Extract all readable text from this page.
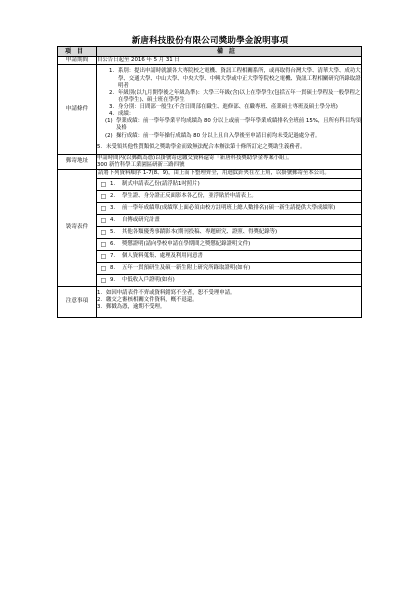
新唐科技股份有限公司獎助學金說明事項
項目	備註
申請期間	自公告日起至 2016 年 5 月 31 日
申請條件	
1. 系別：提出申請時就讀各大專院校之電機、資訊工程相關系所，或再取得台灣大學、清華大學、成功大學、交通大學、中山大學、中央大學、中興大學或中正大學等院校之電機、資訊工程相關研究所錄取證明者
2. 年級別(以九月開學後之年級為準)：大學三年級(含)以上在學學生(包括五年一貫碩士學程及一般學程之在學學生)、碩士班在學學生
3. 身分別：日間部一般生(不含日間部在職生、進修部、在職專班、產業碩士專班及碩士學分班)
4. 成績：
(1) 學業成績：前一學年學業平均成績為 80 分以上或前一學年學業成績排名全班前 15%，且所有科目均須及格
(2) 操行成績：前一學年操行成績為 80 分以上且自入學後至申請日前均未受記過處分者。
5. 未受領其他性質類似之獎助學金而致無法配合本辦法第十條所訂定之獎助生義務者。

郵寄地址	
申請時間內(以郵戳為憑)以掛號寄送繳交資料還寄「新唐科技獎助學金專案小組」。
300 新竹科學工業園區研新三路四號

裝寄表件	
請將下列資料順序 1-7(8、9)，由上而下整理齊全，用迴紋針夾在左上角，以掛號郵寄至本公司。
□	1.	制式申請表乙份(請浮貼1吋照片)
□	2.	學生證、身分證正反面影本各乙份，並浮貼於申請表上。
□	3.	前一學年成績單(成績單上面必須由校方註明班上總人數排名)(碩一新生請提供大學成績單)
□	4.	自傳或研究計畫
□	5.	其他各類優秀事蹟影本(期刊投稿、專題研究、證照、得獎紀錄等)
□	6.	獎懲證明(請向學校申請在學期間之獎懲紀錄證明文件)
□	7.	個人資料蒐集、處理及利用同意書
□	8.	五年一貫預研生及碩一新生附上研究所錄取證明(如有)
□	9.	中低收入戶證明(如有)

注意事項	
1. 如因申請表件不齊或資料錯寫不全者，恕不受理申請。
2. 繳交之審核相關文件資料，概不退還。
3. 郵戳為憑，逾期不受理。
